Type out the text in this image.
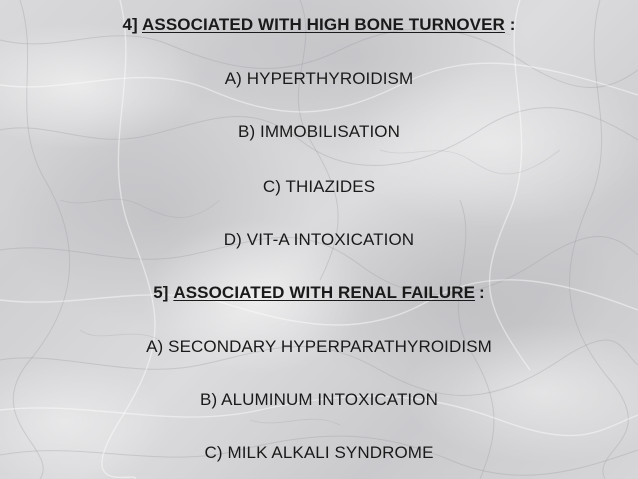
4] ASSOCIATED WITH HIGH BONE TURNOVER :
A) HYPERTHYROIDISM
B) IMMOBILISATION
C) THIAZIDES
D) VIT-A INTOXICATION
5] ASSOCIATED WITH RENAL FAILURE :
A) SECONDARY HYPERPARATHYROIDISM
B) ALUMINUM INTOXICATION
C) MILK ALKALI SYNDROME
